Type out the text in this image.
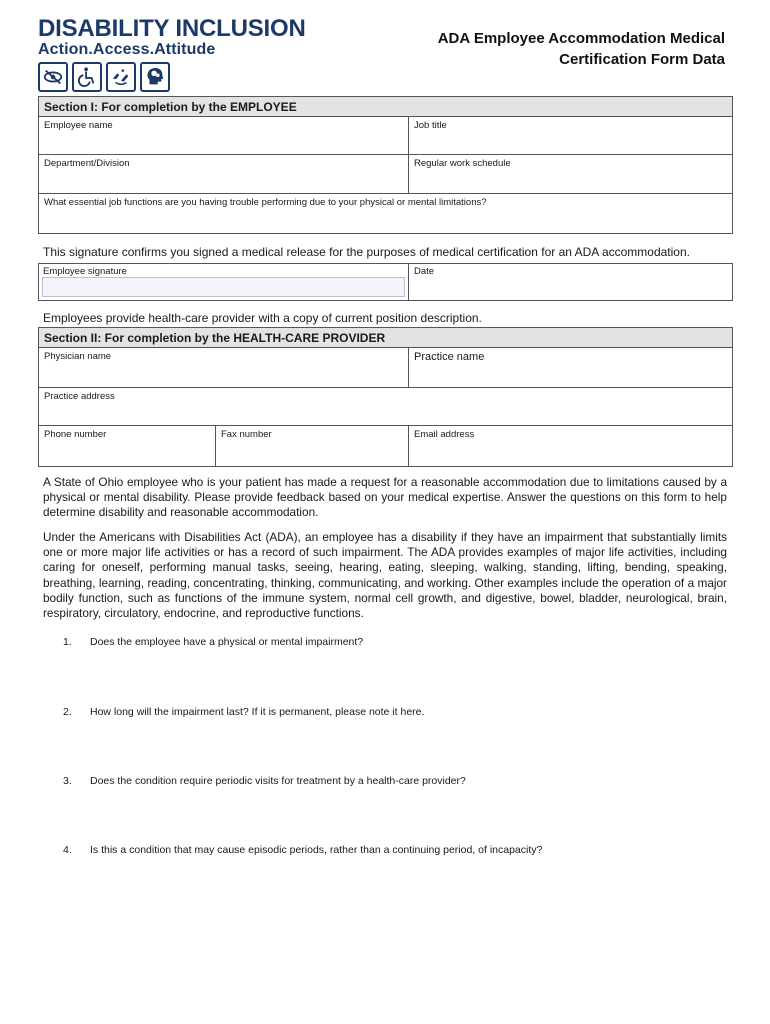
DISABILITY INCLUSION
Action.Access.Attitude
ADA Employee Accommodation Medical
Certification Form Data
Section I: For completion by the EMPLOYEE
Employee name	Job title
Department/Division	Regular work schedule
What essential job functions are you having trouble performing due to your physical or mental limitations?
This signature confirms you signed a medical release for the purposes of medical certification for an ADA accommodation.
Employee signature	Date
Employees provide health-care provider with a copy of current position description.
Section II: For completion by the HEALTH-CARE PROVIDER
Physician name	Practice name
Practice address
Phone number	Fax number	Email address
A State of Ohio employee who is your patient has made a request for a reasonable accommodation due to limitations caused by a physical or mental disability. Please provide feedback based on your medical expertise. Answer the questions on this form to help determine disability and reasonable accommodation.
Under the Americans with Disabilities Act (ADA), an employee has a disability if they have an impairment that substantially limits one or more major life activities or has a record of such impairment. The ADA provides examples of major life activities, including caring for oneself, performing manual tasks, seeing, hearing, eating, sleeping, walking, standing, lifting, bending, speaking, breathing, learning, reading, concentrating, thinking, communicating, and working. Other examples include the operation of a major bodily function, such as functions of the immune system, normal cell growth, and digestive, bowel, bladder, neurological, brain, respiratory, circulatory, endocrine, and reproductive functions.
1. Does the employee have a physical or mental impairment?
2. How long will the impairment last? If it is permanent, please note it here.
3. Does the condition require periodic visits for treatment by a health-care provider?
4. Is this a condition that may cause episodic periods, rather than a continuing period, of incapacity?
